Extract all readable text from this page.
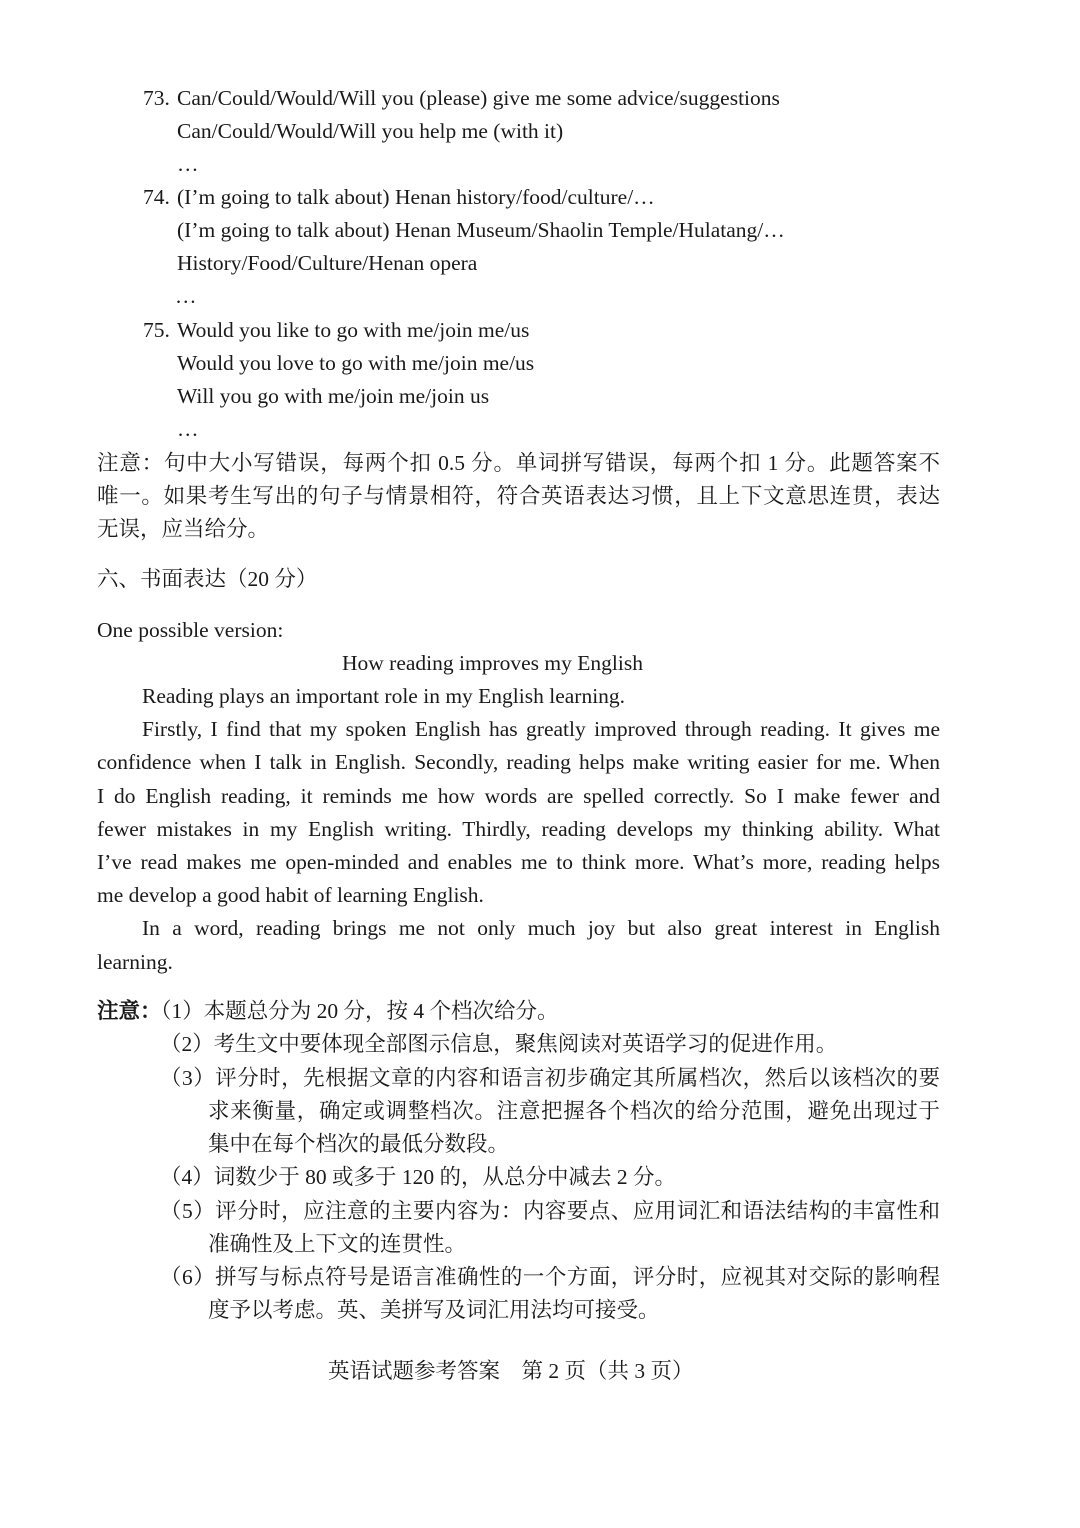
73. Can/Could/Would/Will you (please) give me some advice/suggestions
Can/Could/Would/Will you help me (with it)
…
74. (I’m going to talk about) Henan history/food/culture/…
(I’m going to talk about) Henan Museum/Shaolin Temple/Hulatang/…
History/Food/Culture/Henan opera
…
75. Would you like to go with me/join me/us
Would you love to go with me/join me/us
Will you go with me/join me/join us
…
注意：句中大小写错误，每两个扣 0.5 分。单词拼写错误，每两个扣 1 分。此题答案不
唯一。如果考生写出的句子与情景相符，符合英语表达习惯，且上下文意思连贯，表达
无误，应当给分。
六、书面表达（20 分）
One possible version:
How reading improves my English
Reading plays an important role in my English learning.
Firstly, I find that my spoken English has greatly improved through reading. It gives me
confidence when I talk in English. Secondly, reading helps make writing easier for me. When
I do English reading, it reminds me how words are spelled correctly. So I make fewer and
fewer mistakes in my English writing. Thirdly, reading develops my thinking ability. What
I’ve read makes me open-minded and enables me to think more. What’s more, reading helps
me develop a good habit of learning English.
In a word, reading brings me not only much joy but also great interest in English
learning.
注意：
（1）本题总分为 20 分，按 4 个档次给分。
（2）考生文中要体现全部图示信息，聚焦阅读对英语学习的促进作用。
（3）评分时，先根据文章的内容和语言初步确定其所属档次，然后以该档次的要
求来衡量，确定或调整档次。注意把握各个档次的给分范围，避免出现过于
集中在每个档次的最低分数段。
（4）词数少于 80 或多于 120 的，从总分中减去 2 分。
（5）评分时，应注意的主要内容为：内容要点、应用词汇和语法结构的丰富性和
准确性及上下文的连贯性。
（6）拼写与标点符号是语言准确性的一个方面，评分时，应视其对交际的影响程
度予以考虑。英、美拼写及词汇用法均可接受。
英语试题参考答案　第 2 页（共 3 页）
